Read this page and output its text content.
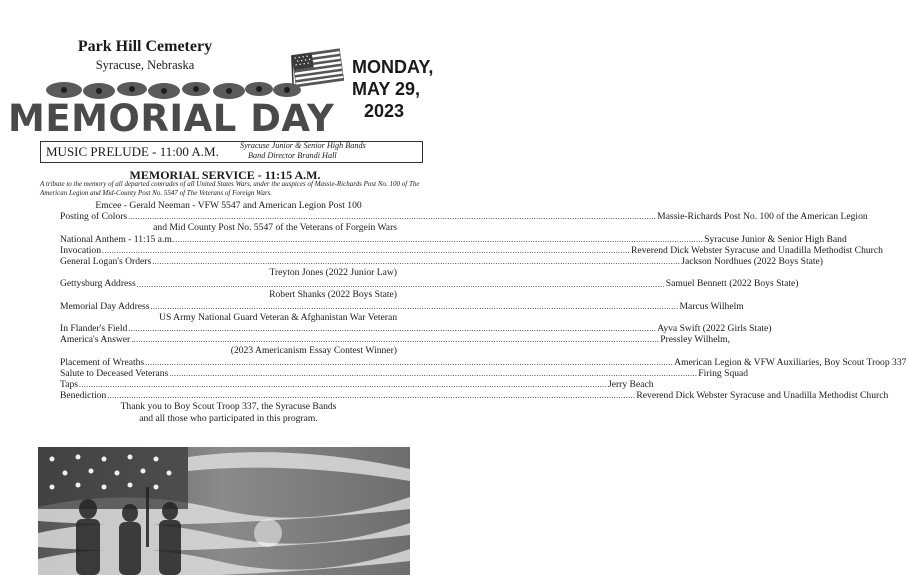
Park Hill Cemetery
Syracuse, Nebraska	MONDAY,
MAY 29,
2023
MEMORIAL DAY
MUSIC PRELUDE - 11:00 A.M.	Syracuse Junior & Senior High Bands
Band Director Brandi Hall
MEMORIAL SERVICE - 11:15 A.M.
A tribute to the memory of all departed comrades of all United States Wars, under the auspices of Massie-Richards Post No. 100 of The American Legion and Mid-County Post No. 5547 of The Veterans of Foreign Wars.
Emcee - Gerald Neeman - VFW 5547 and American Legion Post 100
Posting of Colors ............................................................................................................................................................................................................................ Massie-Richards Post No. 100 of the American Legion
and Mid County Post No. 5547 of the Veterans of Forgein Wars
National Anthem - 11:15 a.m. ............................................................................................................................................................................................................................ Syracuse Junior & Senior High Band
Invocation ............................................................................................................................................................................................................................ Reverend Dick Webster Syracuse and Unadilla Methodist Church
General Logan's Orders ............................................................................................................................................................................................................................ Jackson Nordhues (2022 Boys State)
Treyton Jones (2022 Junior Law)
Gettysburg Address ............................................................................................................................................................................................................................ Samuel Bennett (2022 Boys State)
Robert Shanks (2022 Boys State)
Memorial Day Address ............................................................................................................................................................................................................................ Marcus Wilhelm
US Army National Guard Veteran & Afghanistan War Veteran
In Flander's Field ............................................................................................................................................................................................................................ Ayva Swift (2022 Girls State)
America's Answer ............................................................................................................................................................................................................................ Pressley Wilhelm,
(2023 Americanism Essay Contest Winner)
Placement of Wreaths ............................................................................................................................................................................................................................ American Legion & VFW Auxiliaries, Boy Scout Troop 337
Salute to Deceased Veterans ............................................................................................................................................................................................................................ Firing Squad
Taps ............................................................................................................................................................................................................................ Jerry Beach
Benediction ............................................................................................................................................................................................................................ Reverend Dick Webster Syracuse and Unadilla Methodist Church
Thank you to Boy Scout Troop 337, the Syracuse Bands
and all those who participated in this program.
